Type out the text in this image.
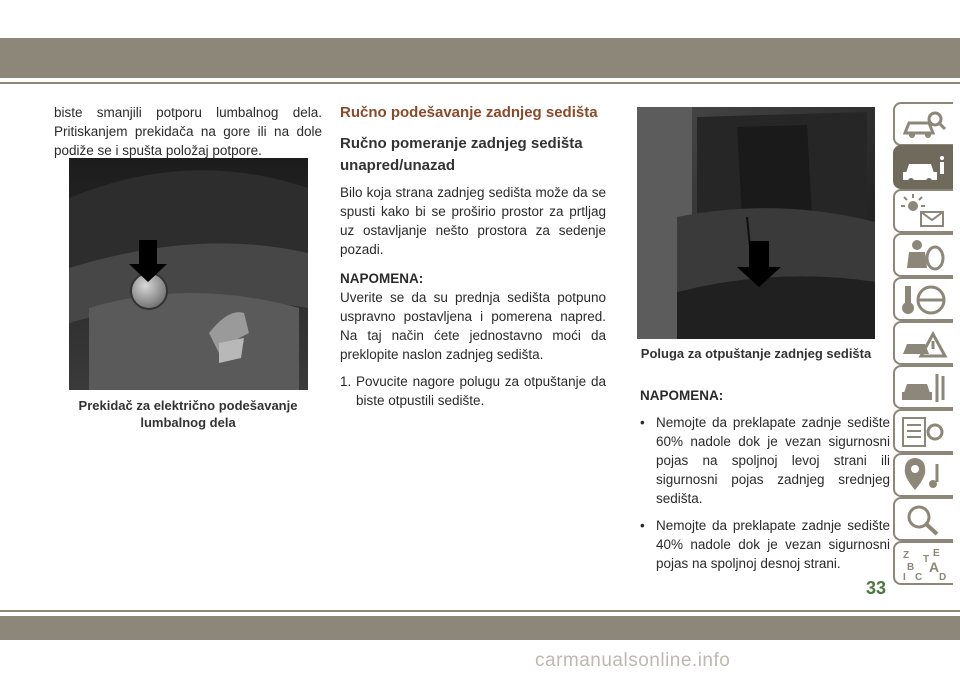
biste smanjili potporu lumbalnog dela. Pritiskanjem prekidača na gore ili na dole podiže se i spušta položaj potpore.

Prekidač za električno podešavanje lumbalnog dela
Ručno podešavanje zadnjeg sedišta
Ručno pomeranje zadnjeg sedišta unapred/unazad

Bilo koja strana zadnjeg sedišta može da se spusti kako bi se proširio prostor za prtljag uz ostavljanje nešto prostora za sedenje pozadi.

NAPOMENA:

Uverite se da su prednja sedišta potpuno uspravno postavljena i pomerena napred. Na taj način ćete jednostavno moći da preklopite naslon zadnjeg sedišta.

1. Povucite nagore polugu za otpuštanje da biste otpustili sedište.
Poluga za otpuštanje zadnjeg sedišta

NAPOMENA:

• Nemojte da preklapate zadnje sedište 60% nadole dok je vezan sigurnosni pojas na spoljnoj levoj strani ili sigurnosni pojas zadnjeg srednjeg sedišta.
• Nemojte da preklapate zadnje sedište 40% nadole dok je vezan sigurnosni pojas na spoljnoj desnoj strani.
Z E
B A
C D
I
T
33
carmanualsonline.info
